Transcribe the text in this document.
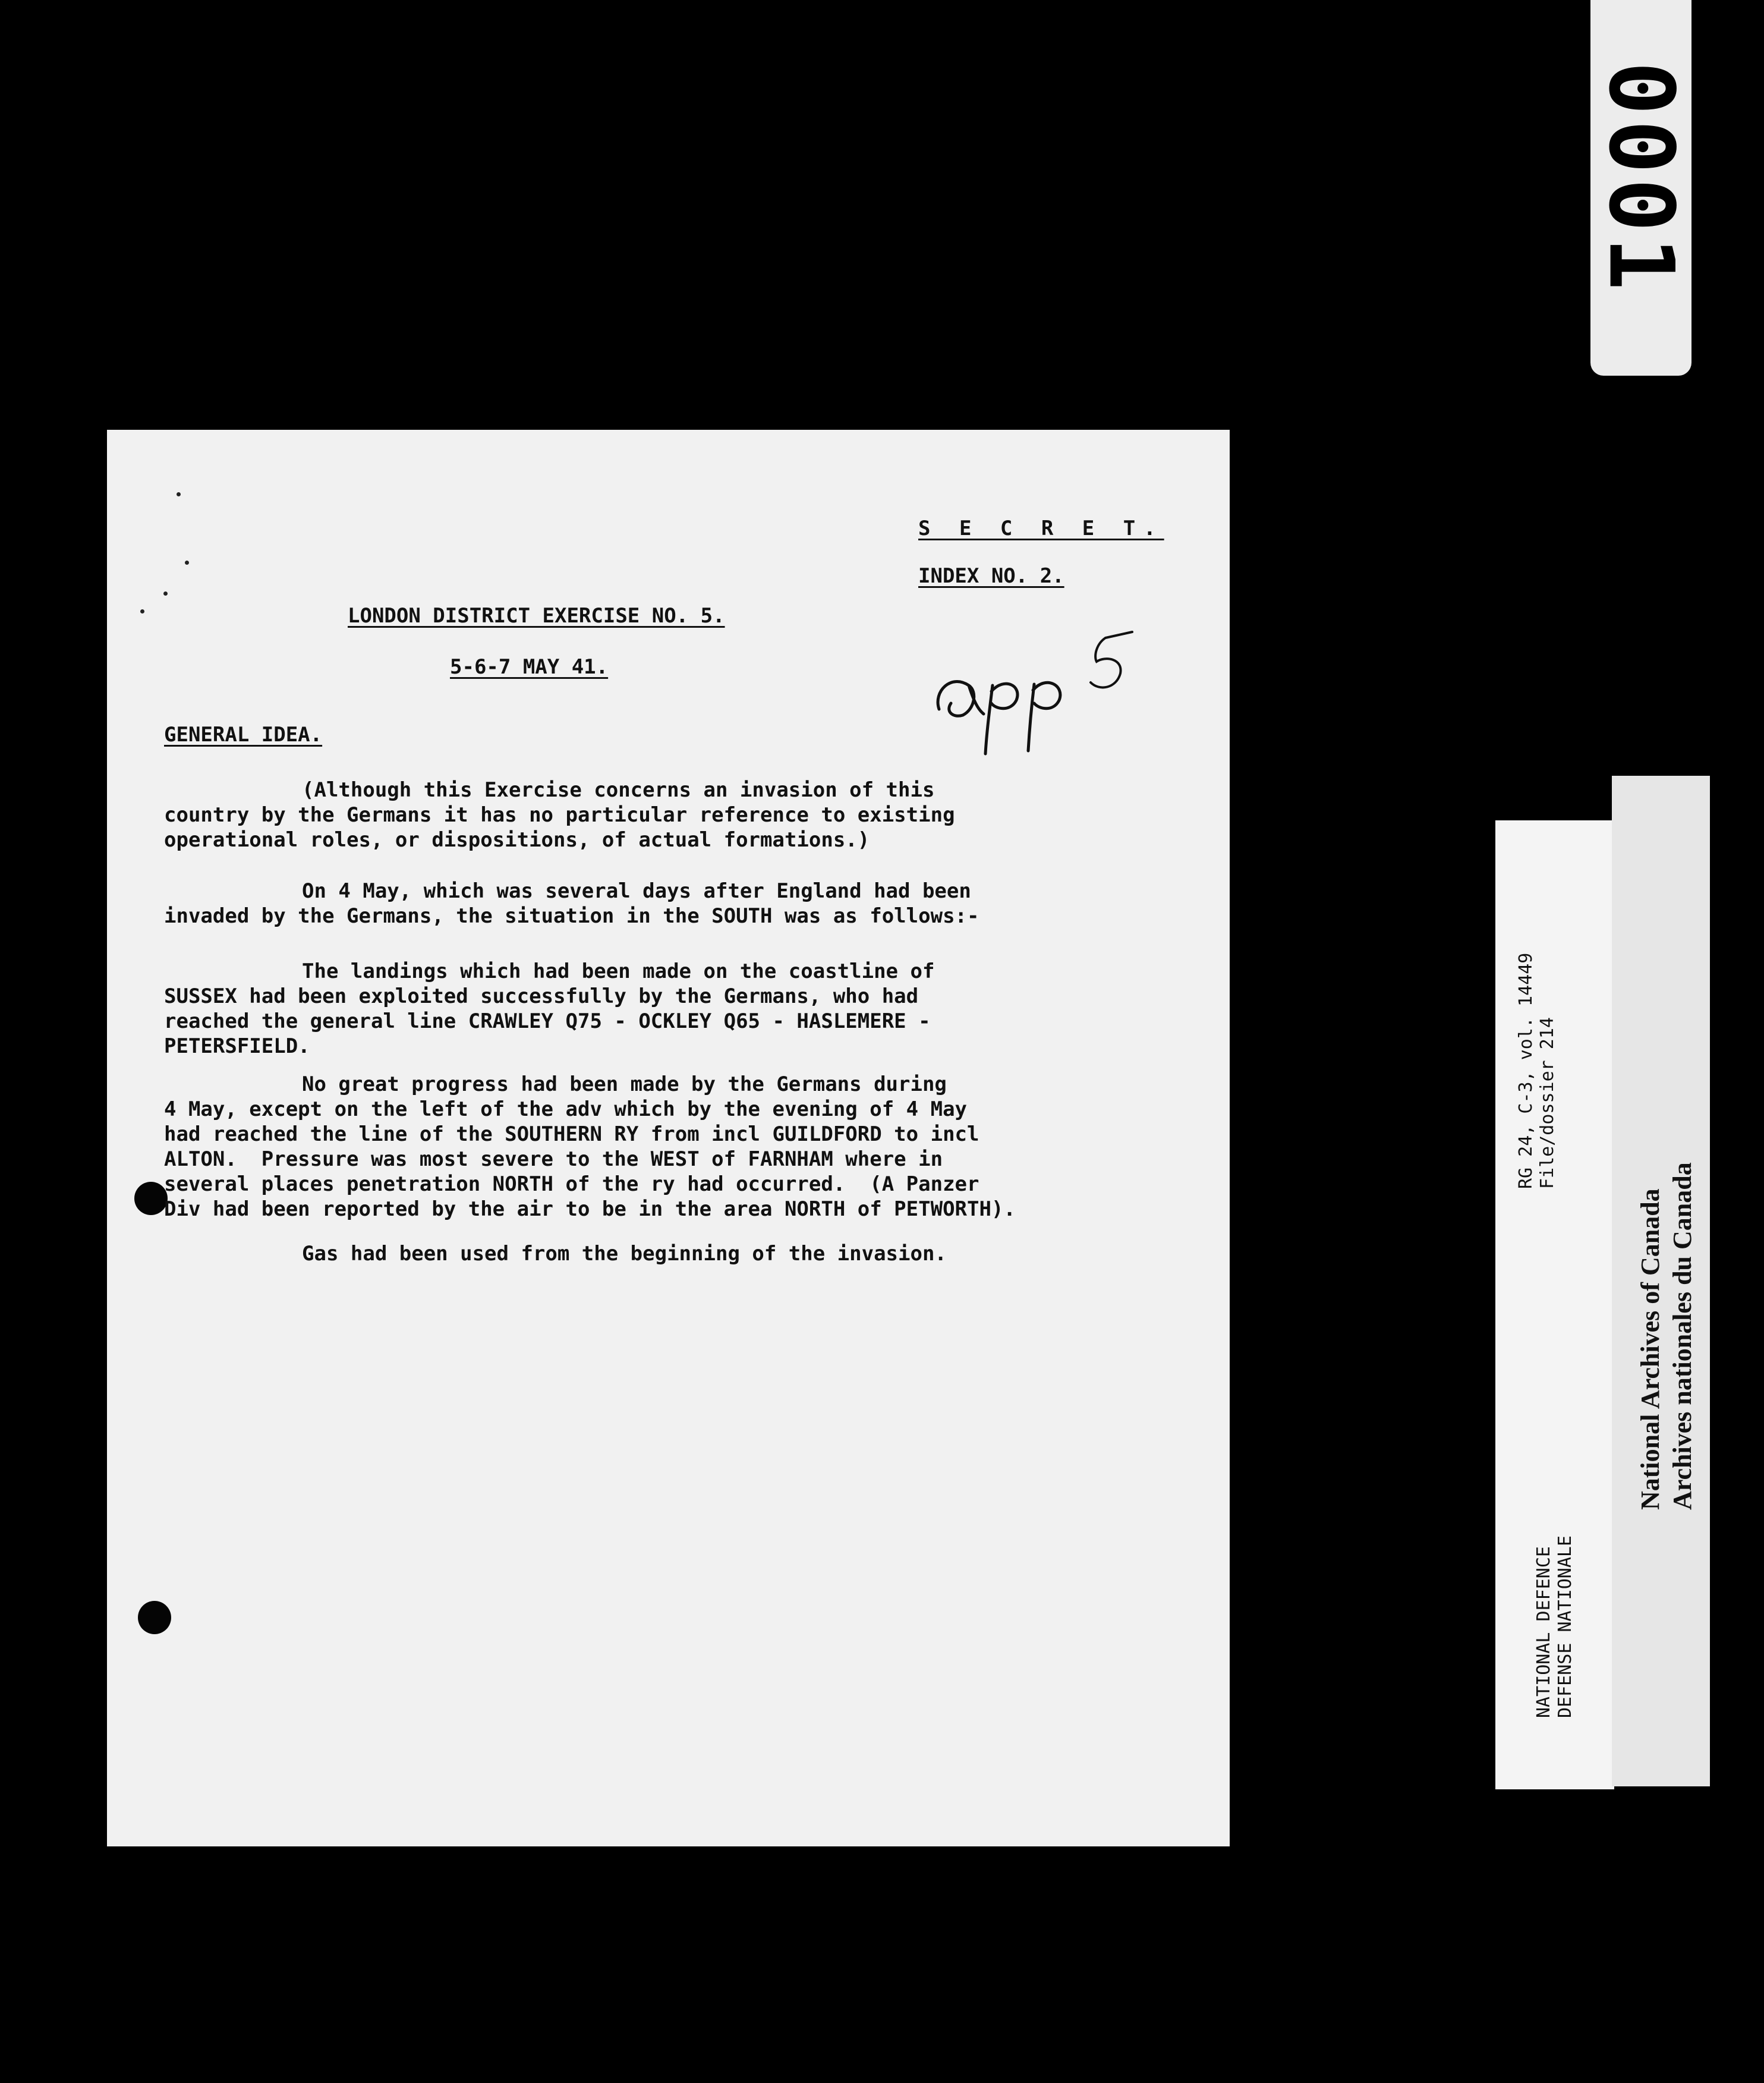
0001
S E C R E T.
INDEX NO. 2.
LONDON DISTRICT EXERCISE NO. 5.
5-6-7 MAY 41.
GENERAL IDEA.
(Although this Exercise concerns an invasion of this
country by the Germans it has no particular reference to existing
operational roles, or dispositions, of actual formations.)
On 4 May, which was several days after England had been
invaded by the Germans, the situation in the SOUTH was as follows:-
The landings which had been made on the coastline of
SUSSEX had been exploited successfully by the Germans, who had
reached the general line CRAWLEY Q75 - OCKLEY Q65 - HASLEMERE -
PETERSFIELD.
No great progress had been made by the Germans during
4 May, except on the left of the adv which by the evening of 4 May
had reached the line of the SOUTHERN RY from incl GUILDFORD to incl
ALTON.  Pressure was most severe to the WEST of FARNHAM where in
several places penetration NORTH of the ry had occurred.  (A Panzer
Div had been reported by the air to be in the area NORTH of PETWORTH).
Gas had been used from the beginning of the invasion.
NATIONAL DEFENCE DEFENSE NATIONALE
RG 24, C-3, vol. 14449 File/dossier 214
National Archives of Canada Archives nationales du Canada
